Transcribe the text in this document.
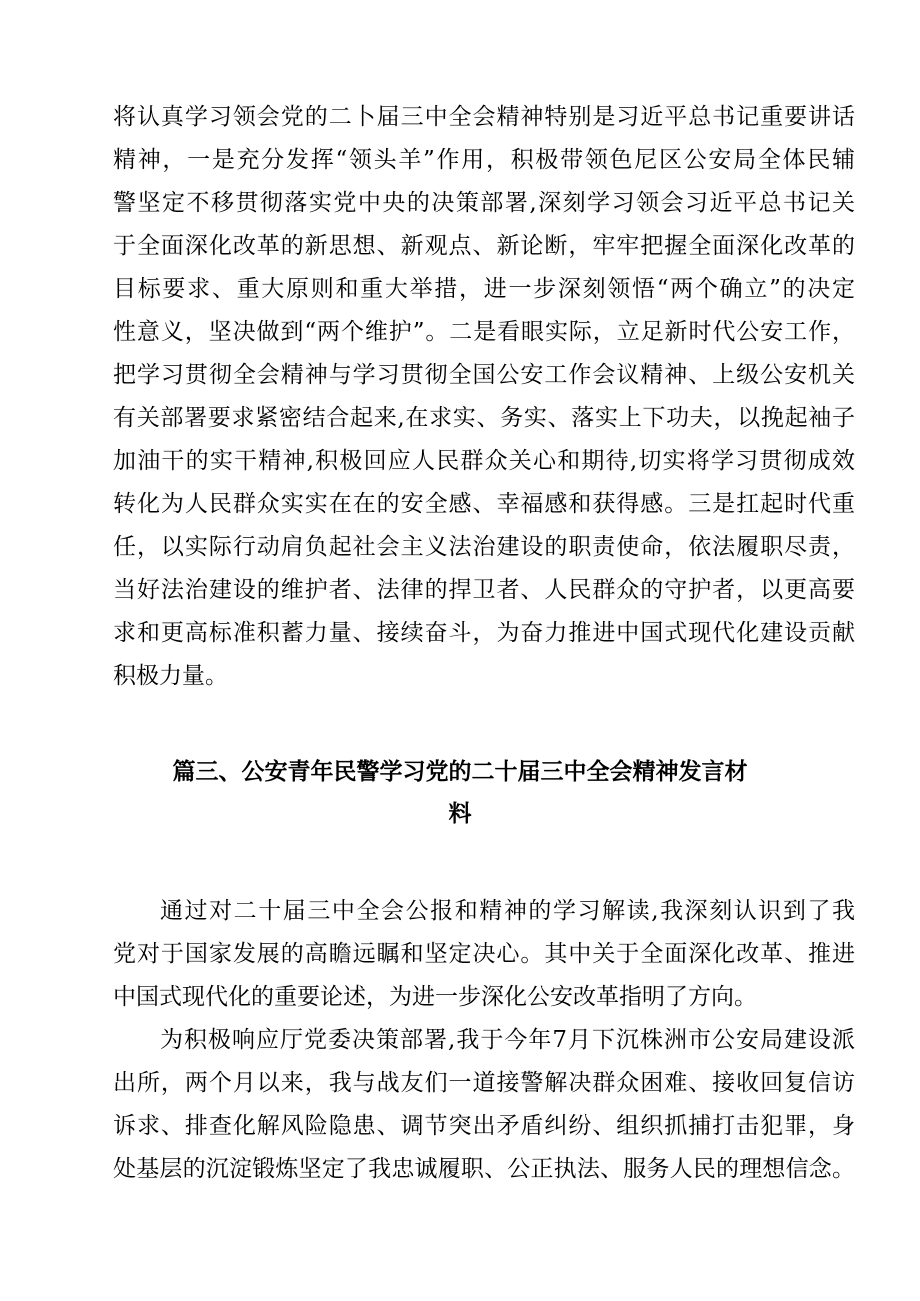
将认真学习领会党的二卜届三中全会精神特别是习近平总书记重要讲话
精神，一是充分发挥“领头羊”作用，积极带领色尼区公安局全体民辅
警坚定不移贯彻落实党中央的决策部署,深刻学习领会习近平总书记关
于全面深化改革的新思想、新观点、新论断，牢牢把握全面深化改革的
目标要求、重大原则和重大举措，进一步深刻领悟“两个确立”的决定
性意义，坚决做到“两个维护”。二是看眼实际，立足新时代公安工作，
把学习贯彻全会精神与学习贯彻全国公安工作会议精神、上级公安机关
有关部署要求紧密结合起来,在求实、务实、落实上下功夫，以挽起袖子
加油干的实干精神,积极回应人民群众关心和期待,切实将学习贯彻成效
转化为人民群众实实在在的安全感、幸福感和获得感。三是扛起时代重
任，以实际行动肩负起社会主义法治建设的职责使命，依法履职尽责，
当好法治建设的维护者、法律的捍卫者、人民群众的守护者，以更高要
求和更高标准积蓄力量、接续奋斗，为奋力推进中国式现代化建设贡献
积极力量。
篇三、公安青年民警学习党的二十届三中全会精神发言材
料
通过对二十届三中全会公报和精神的学习解读,我深刻认识到了我
党对于国家发展的高瞻远瞩和坚定决心。其中关于全面深化改革、推进
中国式现代化的重要论述，为进一步深化公安改革指明了方向。
为积极响应厅党委决策部署,我于今年7月下沉株洲市公安局建设派
出所，两个月以来，我与战友们一道接警解决群众困难、接收回复信访
诉求、排查化解风险隐患、调节突出矛盾纠纷、组织抓捕打击犯罪，身
处基层的沉淀锻炼坚定了我忠诚履职、公正执法、服务人民的理想信念。
